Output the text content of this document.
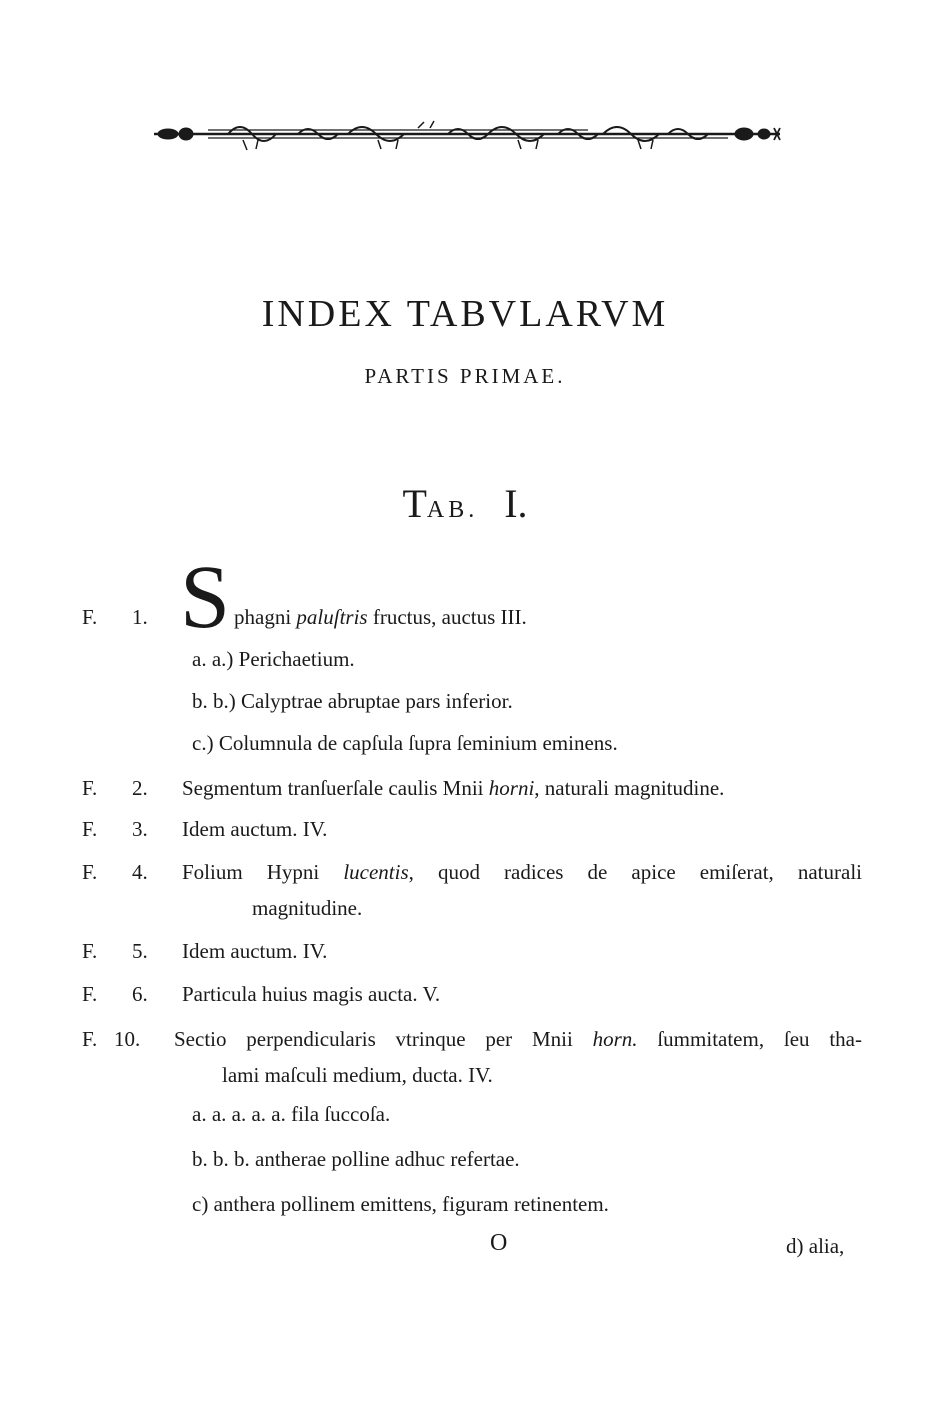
INDEX TABVLARVM
PARTIS PRIMAE.
TAB. I.
F. 1. S phagni paluſtris fructus, auctus III.
a. a.) Perichaetium.
b. b.) Calyptrae abruptae pars inferior.
c.) Columnula de capſula ſupra ſeminium eminens.
F. 2. Segmentum tranſuerſale caulis Mnii horni, naturali magnitudine.
F. 3. Idem auctum. IV.
F. 4. Folium Hypni lucentis, quod radices de apice emiſerat, naturali
magnitudine.
F. 5. Idem auctum. IV.
F. 6. Particula huius magis aucta. V.
F. 10. Sectio perpendicularis vtrinque per Mnii horn. ſummitatem, ſeu tha-
lami maſculi medium, ducta. IV.
a. a. a. a. a. fila ſuccoſa.
b. b. b. antherae polline adhuc refertae.
c) anthera pollinem emittens, figuram retinentem.
O	d) alia,
